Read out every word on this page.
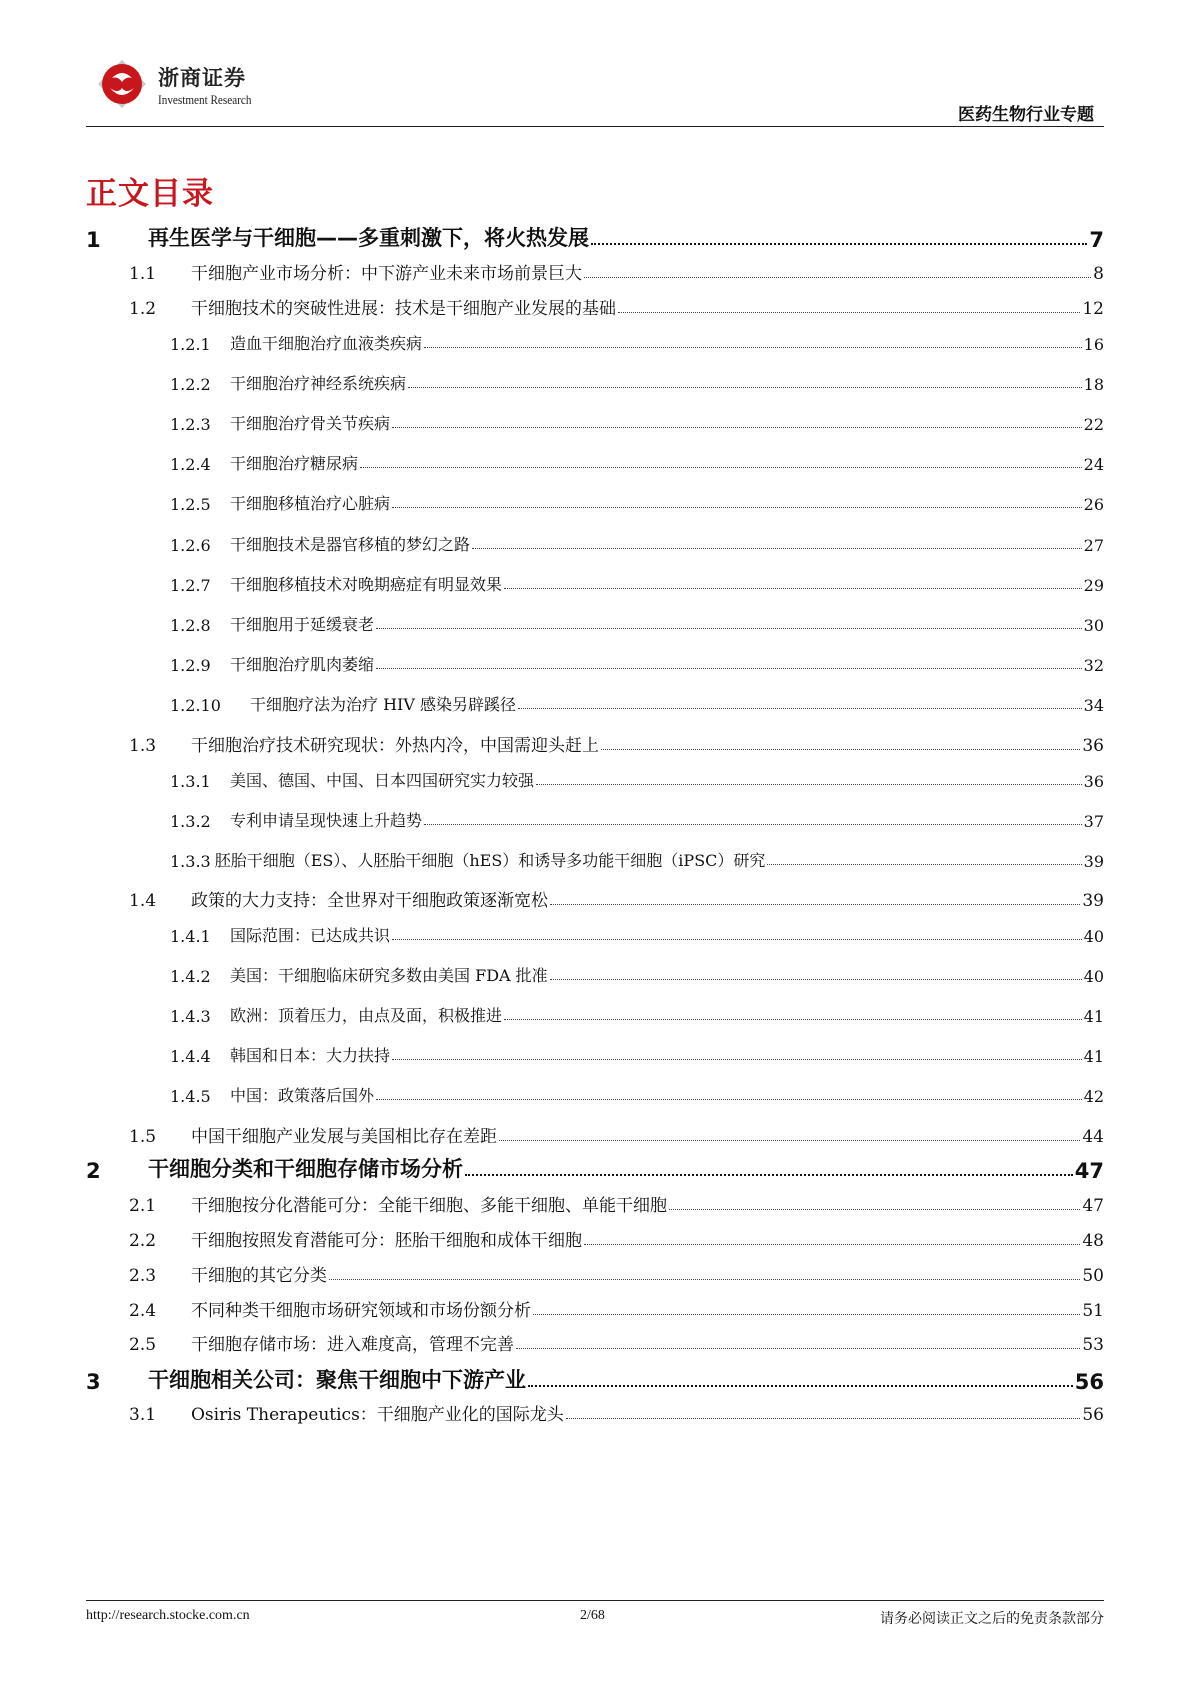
浙商证券
Investment Research
医药生物行业专题
正文目录
1	再生医学与干细胞——多重刺激下，将火热发展	7
1.1	干细胞产业市场分析：中下游产业未来市场前景巨大	8
1.2	干细胞技术的突破性进展：技术是干细胞产业发展的基础	12
1.2.1	造血干细胞治疗血液类疾病	16
1.2.2	干细胞治疗神经系统疾病	18
1.2.3	干细胞治疗骨关节疾病	22
1.2.4	干细胞治疗糖尿病	24
1.2.5	干细胞移植治疗心脏病	26
1.2.6	干细胞技术是器官移植的梦幻之路	27
1.2.7	干细胞移植技术对晚期癌症有明显效果	29
1.2.8	干细胞用于延缓衰老	30
1.2.9	干细胞治疗肌肉萎缩	32
1.2.10	干细胞疗法为治疗 HIV 感染另辟蹊径	34
1.3	干细胞治疗技术研究现状：外热内冷，中国需迎头赶上	36
1.3.1	美国、德国、中国、日本四国研究实力较强	36
1.3.2	专利申请呈现快速上升趋势	37
1.3.3 胚胎干细胞（ES）、人胚胎干细胞（hES）和诱导多功能干细胞（iPSC）研究	39
1.4	政策的大力支持：全世界对干细胞政策逐渐宽松	39
1.4.1	国际范围：已达成共识	40
1.4.2	美国：干细胞临床研究多数由美国 FDA 批准	40
1.4.3	欧洲：顶着压力，由点及面，积极推进	41
1.4.4	韩国和日本：大力扶持	41
1.4.5	中国：政策落后国外	42
1.5	中国干细胞产业发展与美国相比存在差距	44
2	干细胞分类和干细胞存储市场分析	47
2.1	干细胞按分化潜能可分：全能干细胞、多能干细胞、单能干细胞	47
2.2	干细胞按照发育潜能可分：胚胎干细胞和成体干细胞	48
2.3	干细胞的其它分类	50
2.4	不同种类干细胞市场研究领域和市场份额分析	51
2.5	干细胞存储市场：进入难度高，管理不完善	53
3	干细胞相关公司：聚焦干细胞中下游产业	56
3.1	Osiris Therapeutics：干细胞产业化的国际龙头	56
http://research.stocke.com.cn	2/68	请务必阅读正文之后的免责条款部分
